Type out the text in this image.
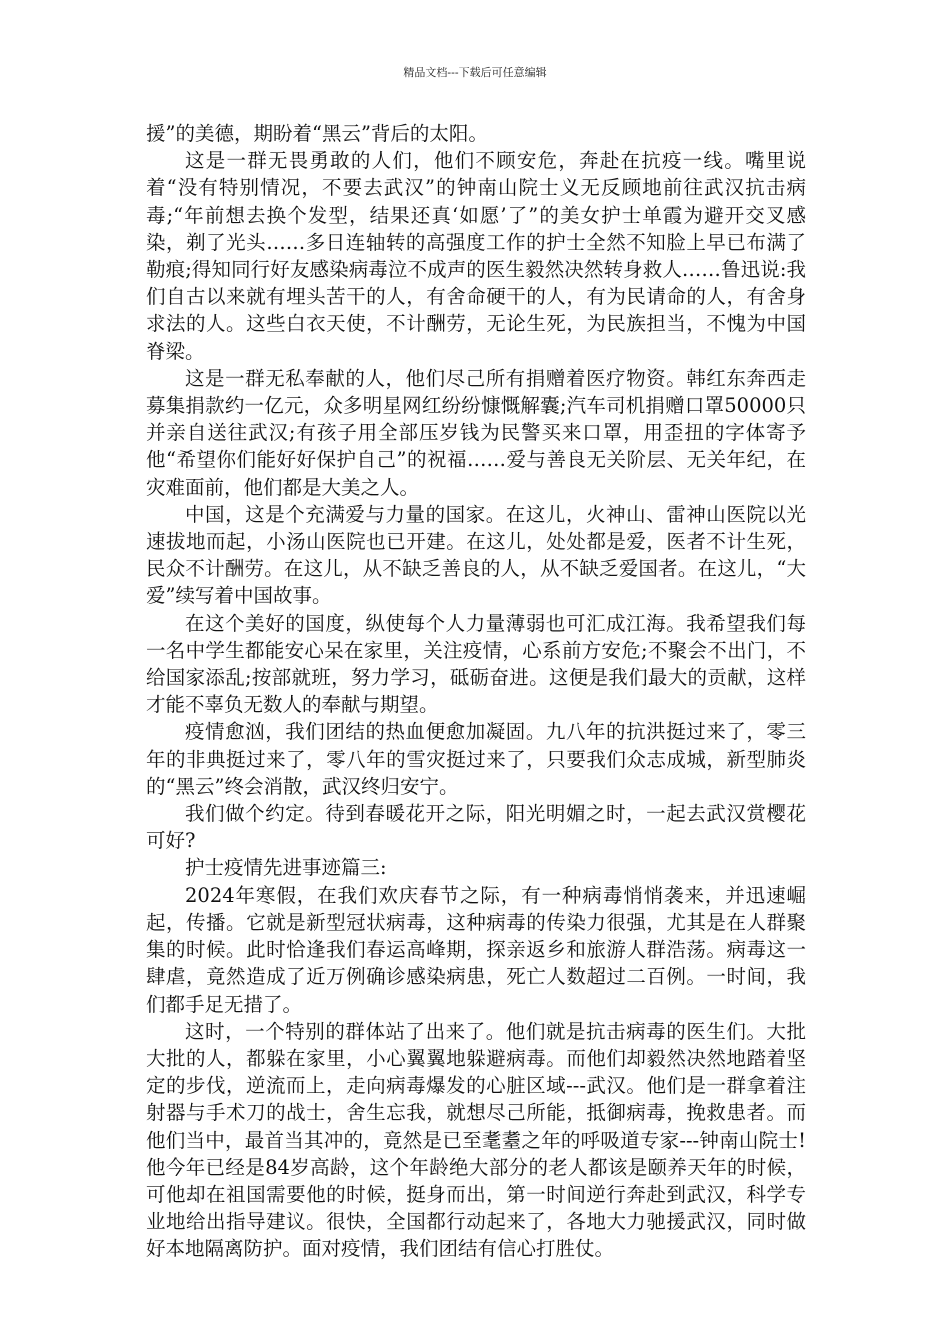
精品文档---下载后可任意编辑

援”的美德，期盼着“黑云”背后的太阳。

这是一群无畏勇敢的人们，他们不顾安危，奔赴在抗疫一线。嘴里说着“没有特别情况，不要去武汉”的钟南山院士义无反顾地前往武汉抗击病毒;“年前想去换个发型，结果还真‘如愿’了”的美女护士单霞为避开交叉感染，剃了光头……多日连轴转的高强度工作的护士全然不知脸上早已布满了勒痕;得知同行好友感染病毒泣不成声的医生毅然决然转身救人……鲁迅说:我们自古以来就有埋头苦干的人，有舍命硬干的人，有为民请命的人，有舍身求法的人。这些白衣天使，不计酬劳，无论生死，为民族担当，不愧为中国脊梁。

这是一群无私奉献的人，他们尽己所有捐赠着医疗物资。韩红东奔西走募集捐款约一亿元，众多明星网红纷纷慷慨解囊;汽车司机捐赠口罩50000只并亲自送往武汉;有孩子用全部压岁钱为民警买来口罩，用歪扭的字体寄予他“希望你们能好好保护自己”的祝福……爱与善良无关阶层、无关年纪，在灾难面前，他们都是大美之人。

中国，这是个充满爱与力量的国家。在这儿，火神山、雷神山医院以光速拔地而起，小汤山医院也已开建。在这儿，处处都是爱，医者不计生死，民众不计酬劳。在这儿，从不缺乏善良的人，从不缺乏爱国者。在这儿，“大爱”续写着中国故事。

在这个美好的国度，纵使每个人力量薄弱也可汇成江海。我希望我们每一名中学生都能安心呆在家里，关注疫情，心系前方安危;不聚会不出门，不给国家添乱;按部就班，努力学习，砥砺奋进。这便是我们最大的贡献，这样才能不辜负无数人的奉献与期望。

疫情愈汹，我们团结的热血便愈加凝固。九八年的抗洪挺过来了，零三年的非典挺过来了，零八年的雪灾挺过来了，只要我们众志成城，新型肺炎的“黑云”终会消散，武汉终归安宁。

我们做个约定。待到春暖花开之际，阳光明媚之时，一起去武汉赏樱花可好?

护士疫情先进事迹篇三:

2024年寒假，在我们欢庆春节之际，有一种病毒悄悄袭来，并迅速崛起，传播。它就是新型冠状病毒，这种病毒的传染力很强，尤其是在人群聚集的时候。此时恰逢我们春运高峰期，探亲返乡和旅游人群浩荡。病毒这一肆虐，竟然造成了近万例确诊感染病患，死亡人数超过二百例。一时间，我们都手足无措了。

这时，一个特别的群体站了出来了。他们就是抗击病毒的医生们。大批大批的人，都躲在家里，小心翼翼地躲避病毒。而他们却毅然决然地踏着坚定的步伐，逆流而上，走向病毒爆发的心脏区域---武汉。他们是一群拿着注射器与手术刀的战士，舍生忘我，就想尽己所能，抵御病毒，挽救患者。而他们当中，最首当其冲的，竟然是已至耄耋之年的呼吸道专家---钟南山院士!他今年已经是84岁高龄，这个年龄绝大部分的老人都该是颐养天年的时候，可他却在祖国需要他的时候，挺身而出，第一时间逆行奔赴到武汉，科学专业地给出指导建议。很快，全国都行动起来了，各地大力驰援武汉，同时做好本地隔离防护。面对疫情，我们团结有信心打胜仗。
